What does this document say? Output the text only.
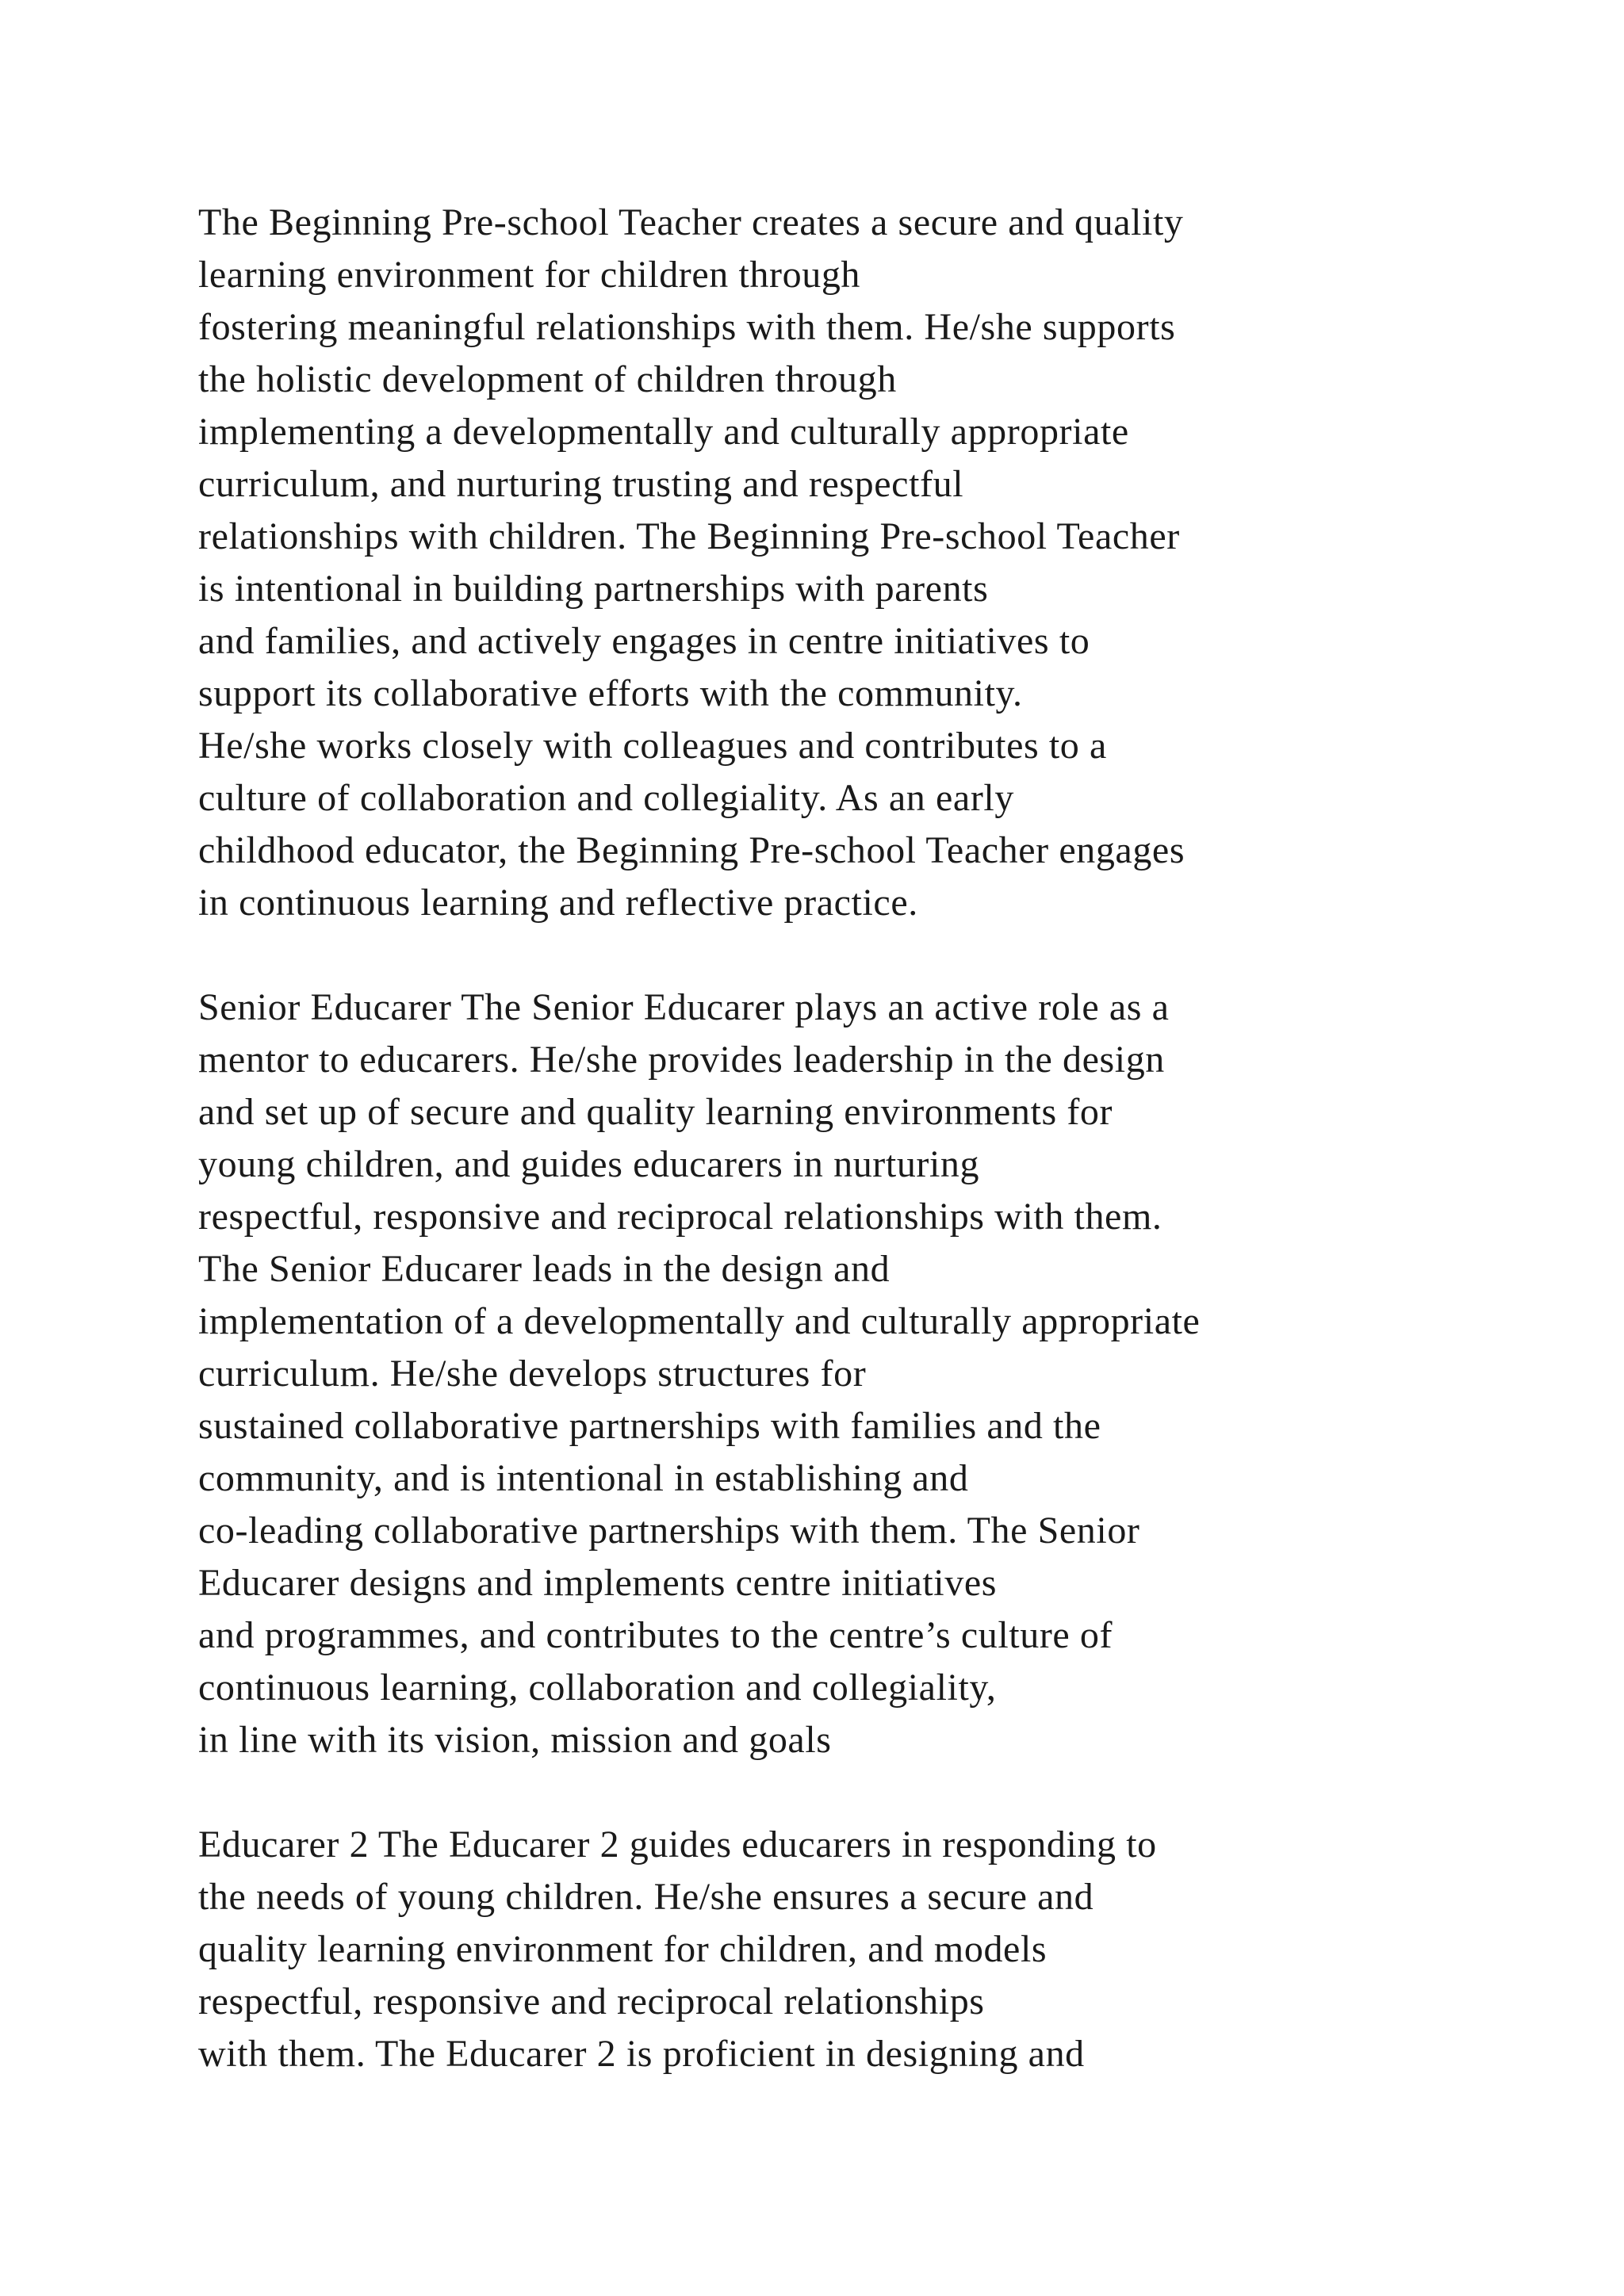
The Beginning Pre-school Teacher creates a secure and quality
learning environment for children through
fostering meaningful relationships with them. He/she supports
the holistic development of children through
implementing a developmentally and culturally appropriate
curriculum, and nurturing trusting and respectful
relationships with children. The Beginning Pre-school Teacher
is intentional in building partnerships with parents
and families, and actively engages in centre initiatives to
support its collaborative efforts with the community.
He/she works closely with colleagues and contributes to a
culture of collaboration and collegiality. As an early
childhood educator, the Beginning Pre-school Teacher engages
in continuous learning and reflective practice.
Senior Educarer The Senior Educarer plays an active role as a
mentor to educarers. He/she provides leadership in the design
and set up of secure and quality learning environments for
young children, and guides educarers in nurturing
respectful, responsive and reciprocal relationships with them.
The Senior Educarer leads in the design and
implementation of a developmentally and culturally appropriate
curriculum. He/she develops structures for
sustained collaborative partnerships with families and the
community, and is intentional in establishing and
co-leading collaborative partnerships with them. The Senior
Educarer designs and implements centre initiatives
and programmes, and contributes to the centre’s culture of
continuous learning, collaboration and collegiality,
in line with its vision, mission and goals
Educarer 2 The Educarer 2 guides educarers in responding to
the needs of young children. He/she ensures a secure and
quality learning environment for children, and models
respectful, responsive and reciprocal relationships
with them. The Educarer 2 is proficient in designing and
